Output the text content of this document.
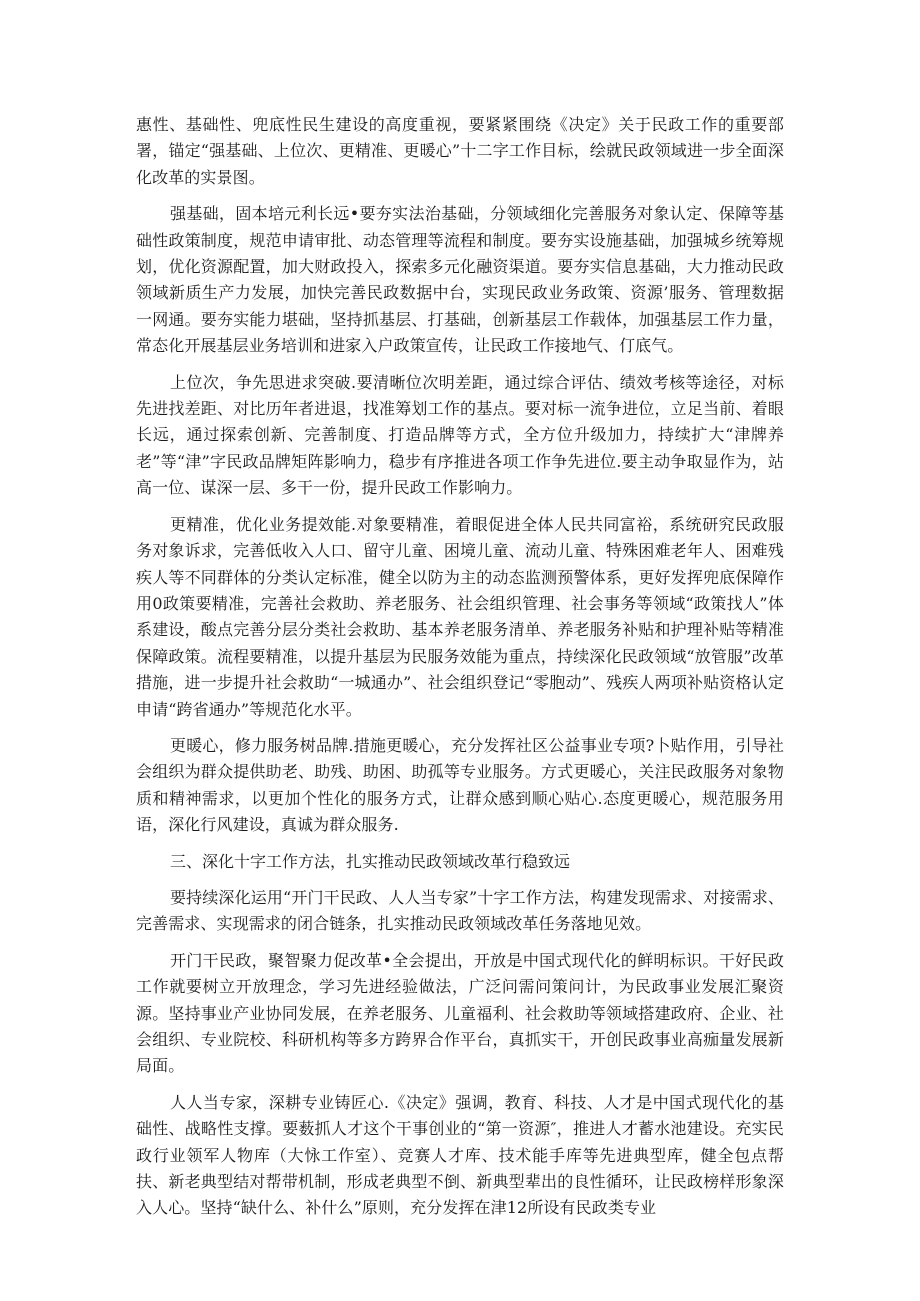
惠性、基础性、兜底性民生建设的高度重视，要紧紧围绕《决定》关于民政工作的重要部署，锚定“强基础、上位次、更精准、更暖心”十二字工作目标，绘就民政领域进一步全面深化改革的实景图。

强基础，固本培元利长远•要夯实法治基础，分领域细化完善服务对象认定、保障等基础性政策制度，规范申请审批、动态管理等流程和制度。要夯实设施基础，加强城乡统筹规划，优化资源配置，加大财政投入，探索多元化融资渠道。要夯实信息基础，大力推动民政领域新质生产力发展，加快完善民政数据中台，实现民政业务政策、资源’服务、管理数据一网通。要夯实能力堪础，坚持抓基层、打基础，创新基层工作载体，加强基层工作力量，常态化开展基层业务培训和进家入户政策宣传，让民政工作接地气、仃底气。

上位次，争先思进求突破.要清晰位次明差距，通过综合评估、绩效考核等途径，对标先进找差距、对比历年者进退，找准筹划工作的基点。要对标一流争进位，立足当前、着眼长远，通过探索创新、完善制度、打造品牌等方式，全方位升级加力，持续扩大“津牌养老”等“津”字民政品牌矩阵影响力，稳步有序推进各项工作争先进位.要主动争取显作为，站高一位、谋深一层、多干一份，提升民政工作影响力。

更精准，优化业务提效能.对象要精准，着眼促进全体人民共同富裕，系统研究民政服务对象诉求，完善低收入人口、留守儿童、困境儿童、流动儿童、特殊困难老年人、困难残疾人等不同群体的分类认定标准，健全以防为主的动态监测预警体系，更好发挥兜底保障作用0政策要精准，完善社会救助、养老服务、社会组织管理、社会事务等领域“政策找人”体系建设，酸点完善分层分类社会救助、基本养老服务清单、养老服务补贴和护理补贴等精准保障政策。流程要精准，以提升基层为民服务效能为重点，持续深化民政领域“放管服”改革措施，进一步提升社会救助“一城通办”、社会组织登记“零胞动”、残疾人两项补贴资格认定申请“跨省通办”等规范化水平。

更暖心，修力服务树品牌.措施更暖心，充分发挥社区公益事业专项?卜贴作用，引导社会组织为群众提供助老、助残、助困、助孤等专业服务。方式更暖心，关注民政服务对象物质和精神需求，以更加个性化的服务方式，让群众感到顺心贴心.态度更暖心，规范服务用语，深化行风建设，真诚为群众服务.

三、深化十字工作方法，扎实推动民政领域改革行稳致远

要持续深化运用“开门干民政、人人当专家”十字工作方法，构建发现需求、对接需求、完善需求、实现需求的闭合链条，扎实推动民政领域改革任务落地见效。

开门干民政，聚智聚力促改革•全会提出，开放是中国式现代化的鲜明标识。干好民政工作就要树立开放理念，学习先进经验做法，广泛问需问策问计，为民政事业发展汇聚资源。坚持事业产业协同发展，在养老服务、儿童福利、社会救助等领域搭建政府、企业、社会组织、专业院校、科研机构等多方跨界合作平台，真抓实干，开创民政事业高痂量发展新局面。

人人当专家，深耕专业铸匠心.《决定》强调，教育、科技、人才是中国式现代化的基础性、战略性支撑。要薮抓人才这个干事创业的“第一资源″，推进人才蓄水池建设。充实民政行业领军人物库（大怺工作室）、竞赛人才库、技术能手库等先进典型库，健全包点帮扶、新老典型结对帮带机制，形成老典型不倒、新典型辈出的良性循环，让民政榜样形象深入人心。坚持“缺什么、补什么”原则，充分发挥在津12所设有民政类专业
